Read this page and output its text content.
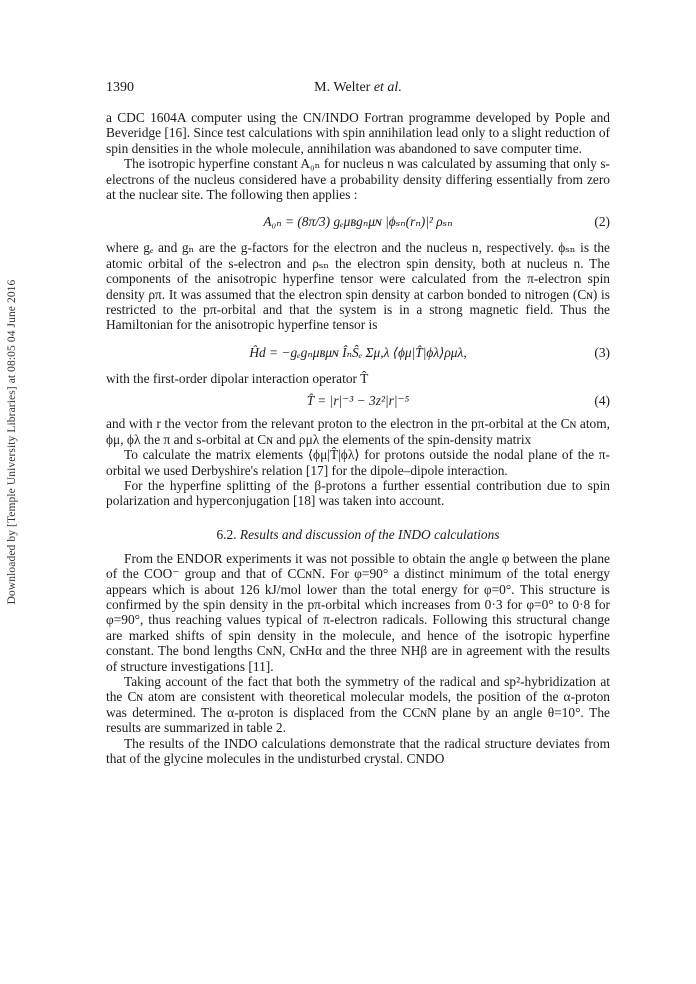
Downloaded by [Temple University Libraries] at 08:05 04 June 2016
1390	M. Welter et al.

a CDC 1604A computer using the CN/INDO Fortran programme developed by Pople and Beveridge [16]. Since test calculations with spin annihilation lead only to a slight reduction of spin densities in the whole molecule, annihilation was abandoned to save computer time.

The isotropic hyperfine constant A₀ₙ for nucleus n was calculated by assuming that only s-electrons of the nucleus considered have a probability density differing essentially from zero at the nuclear site. The following then applies :

A₀ₙ = (8π/3) gₑμʙgₙμɴ |ϕₛₙ(rₙ)|² ρₛₙ	(2)

where gₑ and gₙ are the g-factors for the electron and the nucleus n, respectively. ϕₛₙ is the atomic orbital of the s-electron and ρₛₙ the electron spin density, both at nucleus n. The components of the anisotropic hyperfine tensor were calculated from the π-electron spin density ρπ. It was assumed that the electron spin density at carbon bonded to nitrogen (Cɴ) is restricted to the pπ-orbital and that the system is in a strong magnetic field. Thus the Hamiltonian for the anisotropic hyperfine tensor is

Ĥd = −gₑgₙμʙμɴ ÎₙŜₑ Σμ,λ ⟨ϕμ|T̂|ϕλ⟩ρμλ,	(3)

with the first-order dipolar interaction operator T̂

T̂ = |r|⁻³ − 3z²|r|⁻⁵	(4)

and with r the vector from the relevant proton to the electron in the pπ-orbital at the Cɴ atom, ϕμ, ϕλ the π and s-orbital at Cɴ and ρμλ the elements of the spin-density matrix

To calculate the matrix elements ⟨ϕμ|T̂|ϕλ⟩ for protons outside the nodal plane of the π-orbital we used Derbyshire's relation [17] for the dipole–dipole interaction.

For the hyperfine splitting of the β-protons a further essential contribution due to spin polarization and hyperconjugation [18] was taken into account.

6.2. Results and discussion of the INDO calculations

From the ENDOR experiments it was not possible to obtain the angle φ between the plane of the COO⁻ group and that of CCɴN. For φ=90° a distinct minimum of the total energy appears which is about 126 kJ/mol lower than the total energy for φ=0°. This structure is confirmed by the spin density in the pπ-orbital which increases from 0·3 for φ=0° to 0·8 for φ=90°, thus reaching values typical of π-electron radicals. Following this structural change are marked shifts of spin density in the molecule, and hence of the isotropic hyperfine constant. The bond lengths CɴN, CɴHα and the three NHβ are in agreement with the results of structure investigations [11].

Taking account of the fact that both the symmetry of the radical and sp²-hybridization at the Cɴ atom are consistent with theoretical molecular models, the position of the α-proton was determined. The α-proton is displaced from the CCɴN plane by an angle θ=10°. The results are summarized in table 2.

The results of the INDO calculations demonstrate that the radical structure deviates from that of the glycine molecules in the undisturbed crystal. CNDO
